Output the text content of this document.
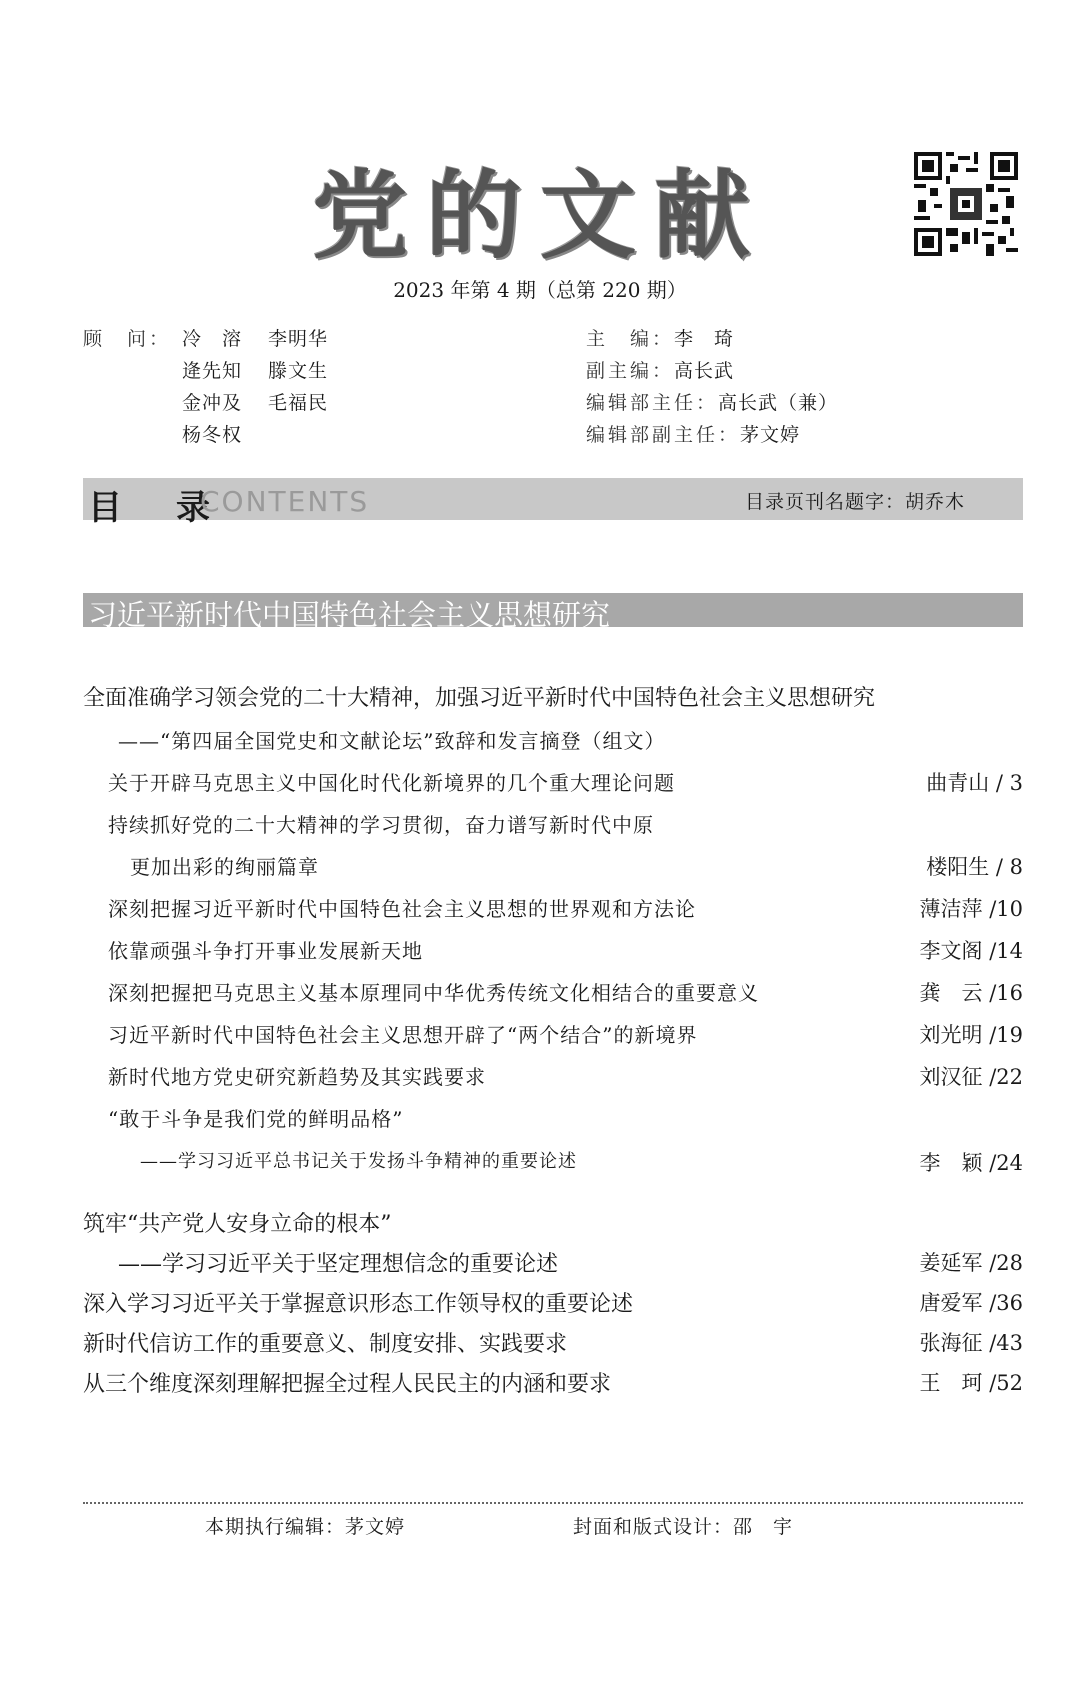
党的文献
2023 年第 4 期（总第 220 期）
顾　问： 冷　溶 李明华
逄先知 滕文生
金冲及 毛福民
杨冬权
主　编：李　琦
副主编：高长武
编辑部主任：高长武（兼）
编辑部副主任：茅文婷
目　录
CONTENTS	目录页刊名题字：胡乔木
习近平新时代中国特色社会主义思想研究
全面准确学习领会党的二十大精神，加强习近平新时代中国特色社会主义思想研究
——“第四届全国党史和文献论坛”致辞和发言摘登（组文）
关于开辟马克思主义中国化时代化新境界的几个重大理论问题	曲青山 / 3
持续抓好党的二十大精神的学习贯彻，奋力谱写新时代中原
更加出彩的绚丽篇章	楼阳生 / 8
深刻把握习近平新时代中国特色社会主义思想的世界观和方法论	薄洁萍 /10
依靠顽强斗争打开事业发展新天地	李文阁 /14
深刻把握把马克思主义基本原理同中华优秀传统文化相结合的重要意义	龚　云 /16
习近平新时代中国特色社会主义思想开辟了“两个结合”的新境界	刘光明 /19
新时代地方党史研究新趋势及其实践要求	刘汉征 /22
“敢于斗争是我们党的鲜明品格”
——学习习近平总书记关于发扬斗争精神的重要论述	李　颖 /24
筑牢“共产党人安身立命的根本”
——学习习近平关于坚定理想信念的重要论述	姜延军 /28
深入学习习近平关于掌握意识形态工作领导权的重要论述	唐爱军 /36
新时代信访工作的重要意义、制度安排、实践要求	张海征 /43
从三个维度深刻理解把握全过程人民民主的内涵和要求	王　珂 /52
本期执行编辑：茅文婷	封面和版式设计：邵　宇
